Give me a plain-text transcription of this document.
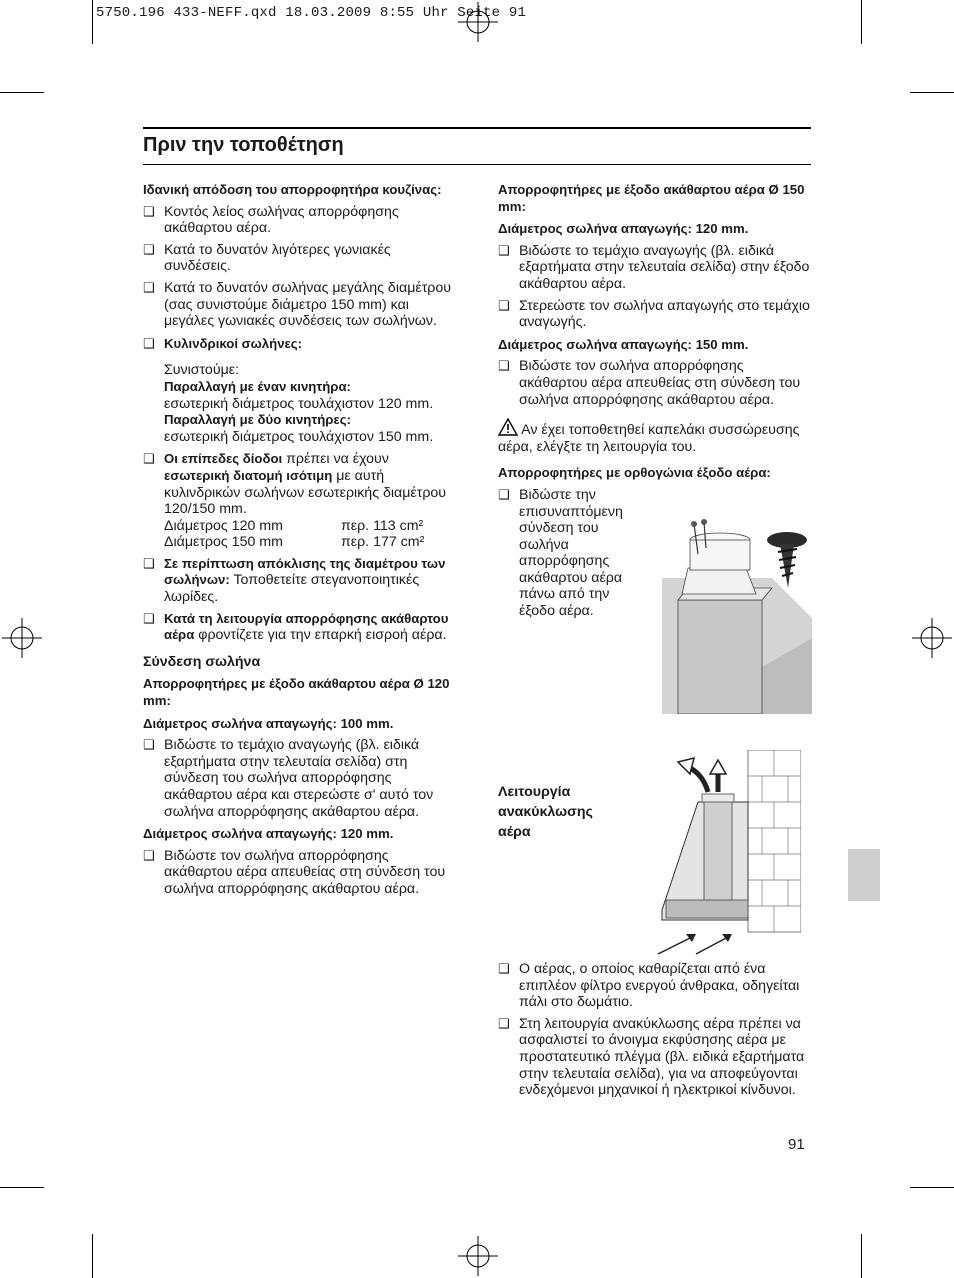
5750.196 433-NEFF.qxd 18.03.2009 8:55 Uhr Seite 91
Πριν την τοποθέτηση

Ιδανική απόδοση του απορροφητήρα κουζίνας:

❑ Κοντός λείος σωλήνας απορρόφησης ακάθαρτου αέρα.
❑ Κατά το δυνατόν λιγότερες γωνιακές συνδέσεις.
❑ Κατά το δυνατόν σωλήνας μεγάλης διαμέτρου (σας συνιστούμε διάμετρο 150 mm) και μεγάλες γωνιακές συνδέσεις των σωλήνων.
❑ Κυλινδρικοί σωλήνες:

Συνιστούμε:

Παραλλαγή με έναν κινητήρα:

εσωτερική διάμετρος τουλάχιστον 120 mm.

Παραλλαγή με δύο κινητήρες:

εσωτερική διάμετρος τουλάχιστον 150 mm.

❑ Οι επίπεδες δίοδοι πρέπει να έχουν εσωτερική διατομή ισότιμη με αυτή κυλινδρικών σωλήνων εσωτερικής διαμέτρου 120/150 mm.
Διάμετρος 120 mm	περ. 113 cm²
Διάμετρος 150 mm	περ. 177 cm²
❑ Σε περίπτωση απόκλισης της διαμέτρου των σωλήνων: Τοποθετείτε στεγανοποιητικές λωρίδες.
❑ Κατά τη λειτουργία απορρόφησης ακάθαρτου αέρα φροντίζετε για την επαρκή εισροή αέρα.

Σύνδεση σωλήνα

Απορροφητήρες με έξοδο ακάθαρτου αέρα Ø 120 mm:

Διάμετρος σωλήνα απαγωγής: 100 mm.

❑ Βιδώστε το τεμάχιο αναγωγής (βλ. ειδικά εξαρτήματα στην τελευταία σελίδα) στη σύνδεση του σωλήνα απορρόφησης ακάθαρτου αέρα και στερεώστε σ' αυτό τον σωλήνα απορρόφησης ακάθαρτου αέρα.

Διάμετρος σωλήνα απαγωγής: 120 mm.

❑ Βιδώστε τον σωλήνα απορρόφησης ακάθαρτου αέρα απευθείας στη σύνδεση του σωλήνα απορρόφησης ακάθαρτου αέρα.

Απορροφητήρες με έξοδο ακάθαρτου αέρα Ø 150 mm:

Διάμετρος σωλήνα απαγωγής: 120 mm.

❑ Βιδώστε το τεμάχιο αναγωγής (βλ. ειδικά εξαρτήματα στην τελευταία σελίδα) στην έξοδο ακάθαρτου αέρα.
❑ Στερεώστε τον σωλήνα απαγωγής στο τεμάχιο αναγωγής.

Διάμετρος σωλήνα απαγωγής: 150 mm.

❑ Βιδώστε τον σωλήνα απορρόφησης ακάθαρτου αέρα απευθείας στη σύνδεση του σωλήνα απορρόφησης ακάθαρτου αέρα.

Αν έχει τοποθετηθεί καπελάκι συσσώρευσης αέρα, ελέγξτε τη λειτουργία του.

Απορροφητήρες με ορθογώνια έξοδο αέρα:

❑ Βιδώστε την επισυναπτόμενη σύνδεση του σωλήνα απορρόφησης ακάθαρτου αέρα πάνω από την έξοδο αέρα.
Λειτουργία ανακύκλωσης αέρα
❑ Ο αέρας, ο οποίος καθαρίζεται από ένα επιπλέον φίλτρο ενεργού άνθρακα, οδηγείται πάλι στο δωμάτιο.
❑ Στη λειτουργία ανακύκλωσης αέρα πρέπει να ασφαλιστεί το άνοιγμα εκφύσησης αέρα με προστατευτικό πλέγμα (βλ. ειδικά εξαρτήματα στην τελευταία σελίδα), για να αποφεύγονται ενδεχόμενοι μηχανικοί ή ηλεκτρικοί κίνδυνοι.
91
